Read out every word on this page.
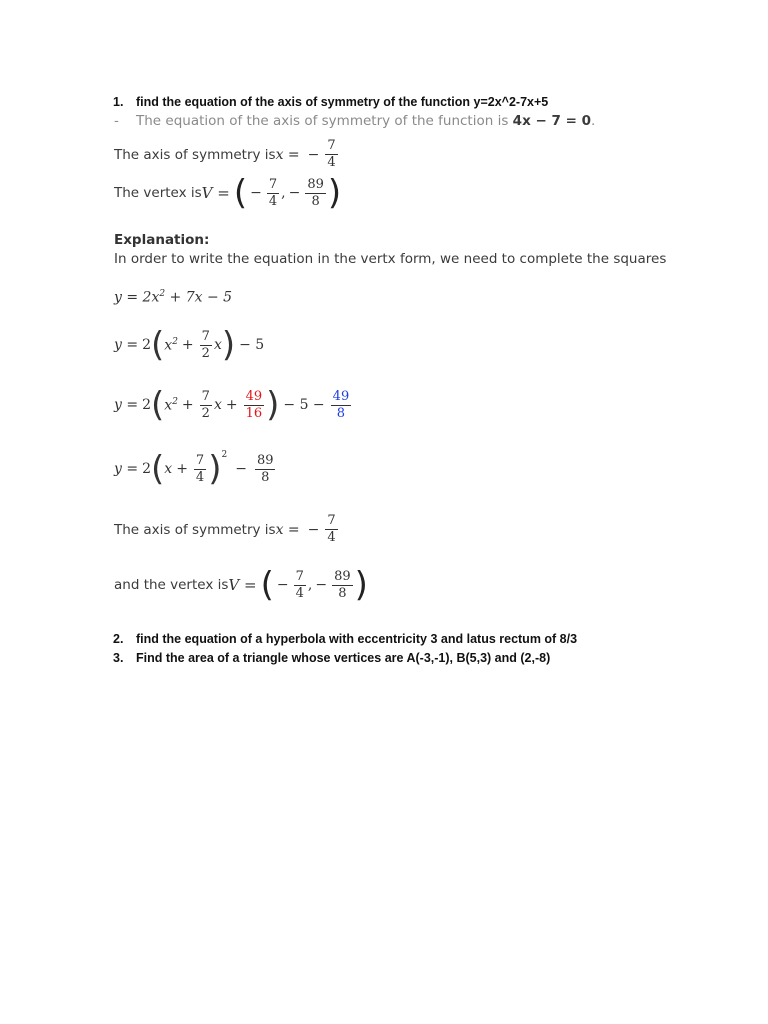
1. find the equation of the axis of symmetry of the function y=2x^2-7x+5
- The equation of the axis of symmetry of the function is 4x − 7 = 0.
The axis of symmetry is x = − $\frac{7}{4}$
The vertex is V = ( − $\frac{7}{4}$ , − $\frac{89}{8}$ )
Explanation:
In order to write the equation in the vertx form, we need to complete the squares
$y = 2x^2 + 7x - 5$
y = 2 ( $x^2 + \frac{7}{2}$ x ) − 5
y = 2 ( $x^2 + \frac{7}{2}$ $x + \frac{49}{16}$ ) − $5 - \frac{49}{8}$
y = 2 ( $x + \frac{7}{4}$ ) 2
− $\frac{89}{8}$
The axis of symmetry is x = − $\frac{7}{4}$
and the vertex is V = ( − $\frac{7}{4}$ , − $\frac{89}{8}$ )
2. find the equation of a hyperbola with eccentricity 3 and latus rectum of 8/3
3. Find the area of a triangle whose vertices are A(-3,-1), B(5,3) and (2,-8)
